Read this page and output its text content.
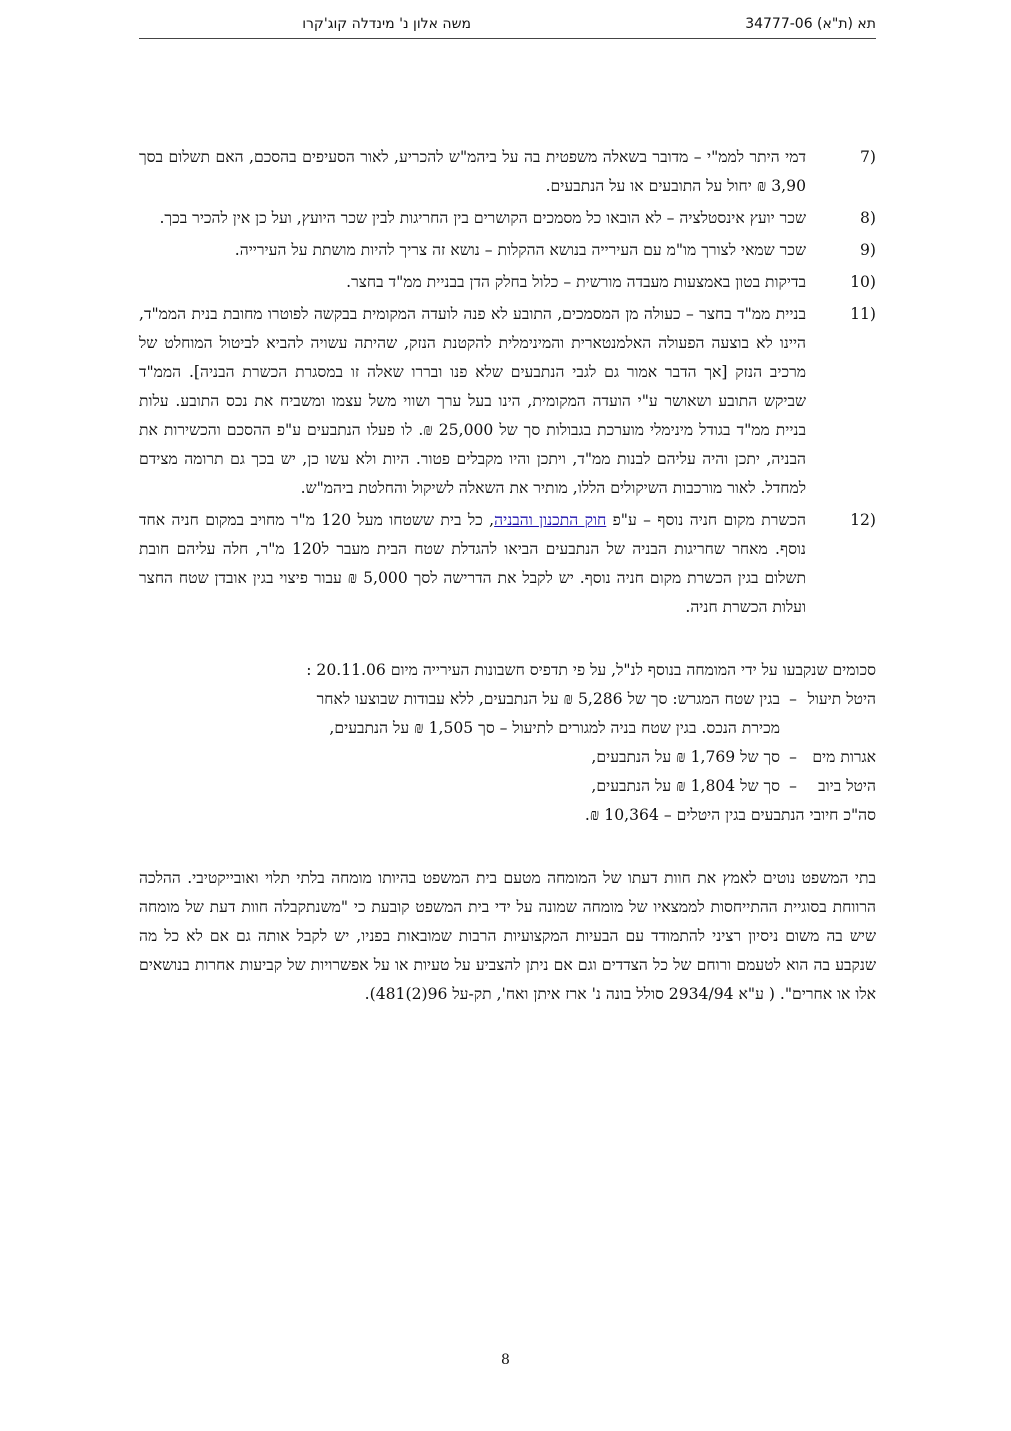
תא (ת"א) 34777-06
משה אלון נ' מינדלה קוג'קרו
7)
דמי היתר לממ"י – מדובר בשאלה משפטית בה על ביהמ"ש להכריע, לאור הסעיפים בהסכם, האם תשלום בסך 3,90 ₪ יחול על התובעים או על הנתבעים.
8)
שכר יועץ אינסטלציה – לא הובאו כל מסמכים הקושרים בין החריגות לבין שכר היועץ, ועל כן אין להכיר בכך.
9)
שכר שמאי לצורך מו"מ עם העירייה בנושא ההקלות – נושא זה צריך להיות מושתת על העירייה.
10)
בדיקות בטון באמצעות מעבדה מורשית – כלול בחלק הדן בבניית ממ"ד בחצר.
11)
בניית ממ"ד בחצר – כעולה מן המסמכים, התובע לא פנה לועדה המקומית בבקשה לפוטרו מחובת בנית הממ"ד, היינו לא בוצעה הפעולה האלמנטארית והמינימלית להקטנת הנזק, שהיתה עשויה להביא לביטול המוחלט של מרכיב הנזק [אך הדבר אמור גם לגבי הנתבעים שלא פנו ובררו שאלה זו במסגרת הכשרת הבניה]. הממ"ד שביקש התובע ושאושר ע"י הועדה המקומית, הינו בעל ערך ושווי משל עצמו ומשביח את נכס התובע. עלות בניית ממ"ד בגודל מינימלי מוערכת בגבולות סך של 25,000 ₪. לו פעלו הנתבעים ע"פ ההסכם והכשירות את הבניה, יתכן והיה עליהם לבנות ממ"ד, ויתכן והיו מקבלים פטור. היות ולא עשו כן, יש בכך גם תרומה מצידם למחדל. לאור מורכבות השיקולים הללו, מותיר את השאלה לשיקול והחלטת ביהמ"ש.
12)
הכשרת מקום חניה נוסף – ע"פ חוק התכנון והבניה, כל בית ששטחו מעל 120 מ"ר מחויב במקום חניה אחד נוסף. מאחר שחריגות הבניה של הנתבעים הביאו להגדלת שטח הבית מעבר ל120 מ"ר, חלה עליהם חובת תשלום בגין הכשרת מקום חניה נוסף. יש לקבל את הדרישה לסך 5,000 ₪ עבור פיצוי בגין אובדן שטח החצר ועלות הכשרת חניה.
סכומים שנקבעו על ידי המומחה בנוסף לנ"ל, על פי תדפיס חשבונות העירייה מיום 20.11.06 :
היטל תיעול
–
בגין שטח המגרש: סך של 5,286 ₪ על הנתבעים, ללא עבודות שבוצעו לאחר
מכירת הנכס. בגין שטח בניה למגורים לתיעול – סך 1,505 ₪ על הנתבעים,
אגרות מים
–
סך של 1,769 ₪ על הנתבעים,
היטל ביוב
–
סך של 1,804 ₪ על הנתבעים,
סה"כ חיובי הנתבעים בגין היטלים – 10,364 ₪.
בתי המשפט נוטים לאמץ את חוות דעתו של המומחה מטעם בית המשפט בהיותו מומחה בלתי תלוי ואובייקטיבי. ההלכה הרווחת בסוגיית ההתייחסות לממצאיו של מומחה שמונה על ידי בית המשפט קובעת כי "משנתקבלה חוות דעת של מומחה שיש בה משום ניסיון רציני להתמודד עם הבעיות המקצועיות הרבות שמובאות בפניו, יש לקבל אותה גם אם לא כל מה שנקבע בה הוא לטעמם ורוחם של כל הצדדים וגם אם ניתן להצביע על טעיות או על אפשרויות של קביעות אחרות בנושאים אלו או אחרים". ( ע"א 2934/94 סולל בונה נ' ארז איתן ואח', תק-על 96(2)481).
8
